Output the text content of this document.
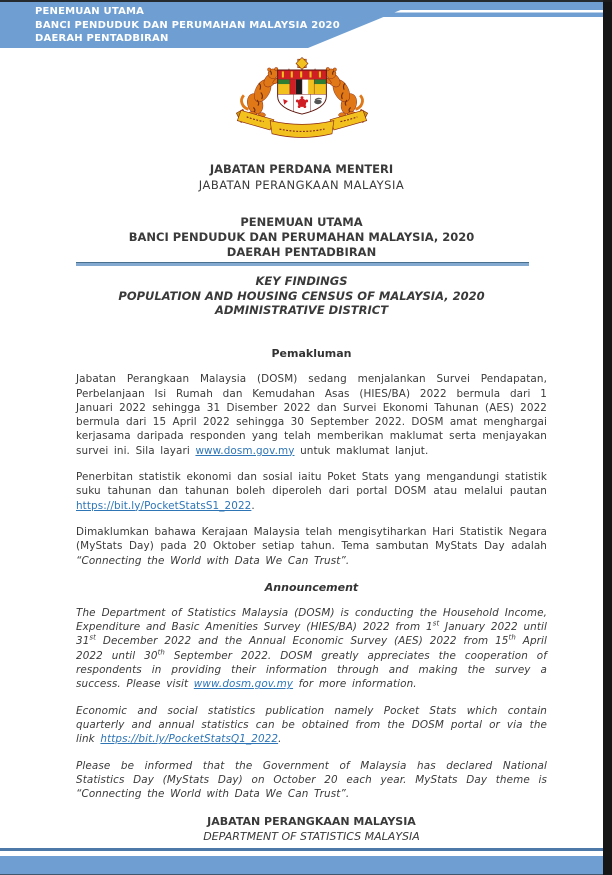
PENEMUAN UTAMA
BANCI PENDUDUK DAN PERUMAHAN MALAYSIA 2020
DAERAH PENTADBIRAN
JABATAN PERDANA MENTERI
JABATAN PERANGKAAN MALAYSIA
PENEMUAN UTAMA
BANCI PENDUDUK DAN PERUMAHAN MALAYSIA, 2020
DAERAH PENTADBIRAN
KEY FINDINGS
POPULATION AND HOUSING CENSUS OF MALAYSIA, 2020
ADMINISTRATIVE DISTRICT
Pemakluman

Jabatan Perangkaan Malaysia (DOSM) sedang menjalankan Survei Pendapatan, Perbelanjaan Isi Rumah dan Kemudahan Asas (HIES/BA) 2022 bermula dari 1 Januari 2022 sehingga 31 Disember 2022 dan Survei Ekonomi Tahunan (AES) 2022 bermula dari 15 April 2022 sehingga 30 September 2022. DOSM amat menghargai kerjasama daripada responden yang telah memberikan maklumat serta menjayakan survei ini. Sila layari www.dosm.gov.my untuk maklumat lanjut.

Penerbitan statistik ekonomi dan sosial iaitu Poket Stats yang mengandungi statistik suku tahunan dan tahunan boleh diperoleh dari portal DOSM atau melalui pautan https://bit.ly/PocketStatsS1_2022.

Dimaklumkan bahawa Kerajaan Malaysia telah mengisytiharkan Hari Statistik Negara (MyStats Day) pada 20 Oktober setiap tahun. Tema sambutan MyStats Day adalah “Connecting the World with Data We Can Trust”.

Announcement

The Department of Statistics Malaysia (DOSM) is conducting the Household Income, Expenditure and Basic Amenities Survey (HIES/BA) 2022 from 1st January 2022 until 31st December 2022 and the Annual Economic Survey (AES) 2022 from 15th April 2022 until 30th September 2022. DOSM greatly appreciates the cooperation of respondents in providing their information through and making the survey a success. Please visit www.dosm.gov.my for more information.

Economic and social statistics publication namely Pocket Stats which contain quarterly and annual statistics can be obtained from the DOSM portal or via the link https://bit.ly/PocketStatsQ1_2022.

Please be informed that the Government of Malaysia has declared National Statistics Day (MyStats Day) on October 20 each year. MyStats Day theme is “Connecting the World with Data We Can Trust”.

JABATAN PERANGKAAN MALAYSIA
DEPARTMENT OF STATISTICS MALAYSIA
